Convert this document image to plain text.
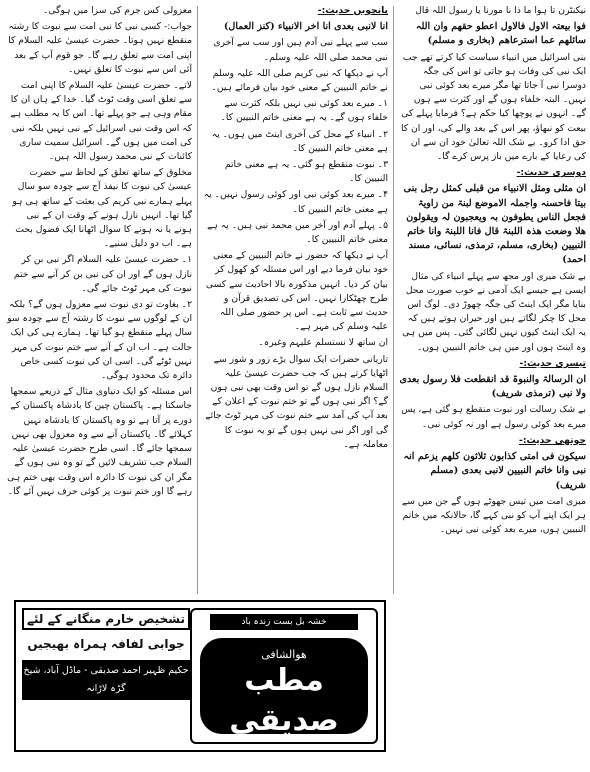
نیکنٹرن تا ہوا ما ذا نا مورنا یا رسول اللہ قال

فوا بیعتہ الاول فالاول اعطو حقھم وان اللہ سائلھم عما استرعاھم (بخاری و مسلم)

بنی اسرائیل میں انبیاء سیاست کیا کرتے تھے جب ایک نبی کی وفات ہو جاتی تو اس کی جگہ دوسرا نبی آ جاتا تھا مگر میرے بعد کوئی نبی نہیں۔ البتہ خلفاء ہوں گے اور کثرت سے ہوں گے۔ انہوں نے پوچھا کیا حکم ہے؟ فرمایا پہلے کی بیعت کو نبھاؤ، پھر اس کے بعد والے کی، اور ان کا حق ادا کرو۔ بے شک اللہ تعالیٰ خود ان سے ان کی رعایا کے بارے میں باز پرس کرے گا۔

دوسری حدیث:-

ان مثلی ومثل الانبیاء من قبلی کمثل رجل بنی بیتا فاحسنہ واجملہ الاموضع لبنۃ من زاویۃ فجعل الناس یطوفون بہ ویعجبون لہ ویقولون ھلا وضعت ھذہ اللبنۃ قال فانا اللبنۃ وانا خاتم النبیین (بخاری، مسلم، ترمذی، نسائی، مسند احمد)

بے شک میری اور مجھ سے پہلے انبیاء کی مثال ایسی ہے جیسے ایک آدمی نے خوب صورت محل بنایا مگر ایک اینٹ کی جگہ چھوڑ دی۔ لوگ اس محل کا چکر لگاتے ہیں اور حیران ہوتے ہیں کہ یہ ایک اینٹ کیوں نہیں لگائی گئی۔ پس میں ہی وہ اینٹ ہوں اور میں ہی خاتم النبیین ہوں۔

تیسری حدیث:-

ان الرسالۃ والنبوۃ قد انقطعت فلا رسول بعدی ولا نبی (ترمذی شریف)

بے شک رسالت اور نبوت منقطع ہو گئی ہے، پس میرے بعد کوئی رسول ہے اور نہ کوئی نبی۔

چوتھی حدیث:-

سیکون فی امتی کذابون ثلاثون کلھم یزعم انہ نبی وانا خاتم النبیین لانبی بعدی (مسلم شریف)

میری امت میں تیس جھوٹے ہوں گے جن میں سے ہر ایک اپنے آپ کو نبی کہے گا، حالانکہ میں خاتم النبیین ہوں، میرے بعد کوئی نبی نہیں۔

پانچویں حدیث:-

انا لانبی بعدی انا اخر الانبیاء (کنز العمال)

سب سے پہلے نبی آدم ہیں اور سب سے آخری نبی محمد صلی اللہ علیہ وسلم۔

آپ نے دیکھا کہ نبی کریم صلی اللہ علیہ وسلم نے خاتم النبیین کے معنی خود بیان فرمائے ہیں۔

۱۔ میرے بعد کوئی نبی نہیں بلکہ کثرت سے خلفاء ہوں گے۔ یہ ہے معنی خاتم النبیین کا۔

۲۔ انبیاء کے محل کی آخری اینٹ میں ہوں۔ یہ ہے معنی خاتم النبیین کا۔

۳۔ نبوت منقطع ہو گئی۔ یہ ہے معنی خاتم النبیین کا۔

۴۔ میرے بعد کوئی نبی اور کوئی رسول نہیں۔ یہ ہے معنی خاتم النبیین کا۔

۵۔ پہلے آدم اور آخر میں محمد نبی ہیں۔ یہ ہے معنی خاتم النبیین کا۔

آپ نے دیکھا کہ حضور نے خاتم النبیین کے معنی خود بیان فرما دیے اور اس مسئلہ کو کھول کر بیان کر دیا۔ انہیں مذکورہ بالا احادیث سے کسی طرح چھٹکارا نہیں۔ اس کی تصدیق قرآن و حدیث سے ثابت ہے۔ اس پر حضور صلی اللہ علیہ وسلم کی مہر ہے۔

ان ساتھ لا نستسلم علیہم وغیرہ۔

تاریانی حضرات ایک سوال بڑے زور و شور سے اٹھایا کرتے ہیں کہ جب حضرت عیسیٰ علیہ السلام نازل ہوں گے تو اس وقت بھی نبی ہوں گے؟ اگر نبی ہوں گے تو ختم نبوت کے اعلان کے بعد آپ کی آمد سے ختم نبوت کی مہر ٹوٹ جائے گی اور اگر نبی نہیں ہوں گے تو یہ نبوت کا معاملہ ہے۔

معزولی کس جرم کی سزا میں ہوگی۔

جواب:- کسی نبی کا نبی امت سے نبوت کا رشتہ منقطع نہیں ہوتا۔ حضرت عیسیٰ علیہ السلام کا اپنی امت سے تعلق رہے گا۔ جو قوم آپ کے بعد آئی اس سے نبوت کا تعلق نہیں۔

لاتے۔ حضرت عیسیٰ علیہ السلام کا اپنی امت سے تعلق اسی وقت ٹوٹ گیا۔ خدا کے ہاں ان کا مقام وہی ہے جو پہلے تھا۔ اس کا یہ مطلب ہے کہ اس وقت نبی اسرائیل کے نبی نہیں بلکہ نبی کی امت میں ہوں گے۔ اسرائیل سمیت ساری کائنات کے نبی محمد رسول اللہ ہیں۔

مخلوق کے ساتھ تعلق کے لحاظ سے حضرت عیسیٰ کی نبوت کا نیفذ آج سے چودہ سو سال پہلے ہمارے نبی کریم کی بعثت کے ساتھ ہی ہو گیا تھا۔ انہیں نازل ہونے کے وقت ان کے نبی ہونے یا نہ ہونے کا سوال اٹھانا ایک فضول بحث ہے۔ اب دو دلیل سنیے۔

۱۔ حضرت عیسیٰ علیہ السلام اگر نبی بن کر نازل ہوں گے اور ان کی نبی بن کر آنے سے ختم نبوت کی مہر ٹوٹ جائے گی۔

۲۔ بغاوت تو دی نبوت سے معزول ہوں گے؟ بلکہ ان کے لوگوں سے نبوت کا رشتہ آج سے چودہ سو سال پہلے منقطع ہو گیا تھا۔ ہمارے ہی کی ایک حالت ہے۔ اب ان کے آنے سے ختم نبوت کی مہر نہیں ٹوٹے گی۔ اسی ان کی نبوت کسی خاص دائرہ تک محدود ہوگی۔

اس مسئلہ کو ایک دنیاوی مثال کے ذریعے سمجھا جاسکتا ہے۔ پاکستان چین کا بادشاہ پاکستان کے دورے پر آتا ہے تو وہ پاکستان کا بادشاہ نہیں کہلائے گا۔ پاکستان آنے سے وہ معزول بھی نہیں سمجھا جائے گا۔ اسی طرح حضرت عیسیٰ علیہ السلام جب تشریف لائیں گے تو وہ نبی ہوں گے مگر ان کی نبوت کا دائرہ اس وقت بھی ختم ہی رہے گا اور ختم نبوت پر کوئی حرف نہیں آئے گا۔

خشہ بل بست زندہ باد
ھوالشافی
مطب صدیقی
تشخیص خارم منگانے کے لئے
جوابی لفافہ ہمراہ بھیجیں
حکیم ظہیر احمد صدیقی - ماڈل آباد، شیخ گڑہ لاڑانہ
